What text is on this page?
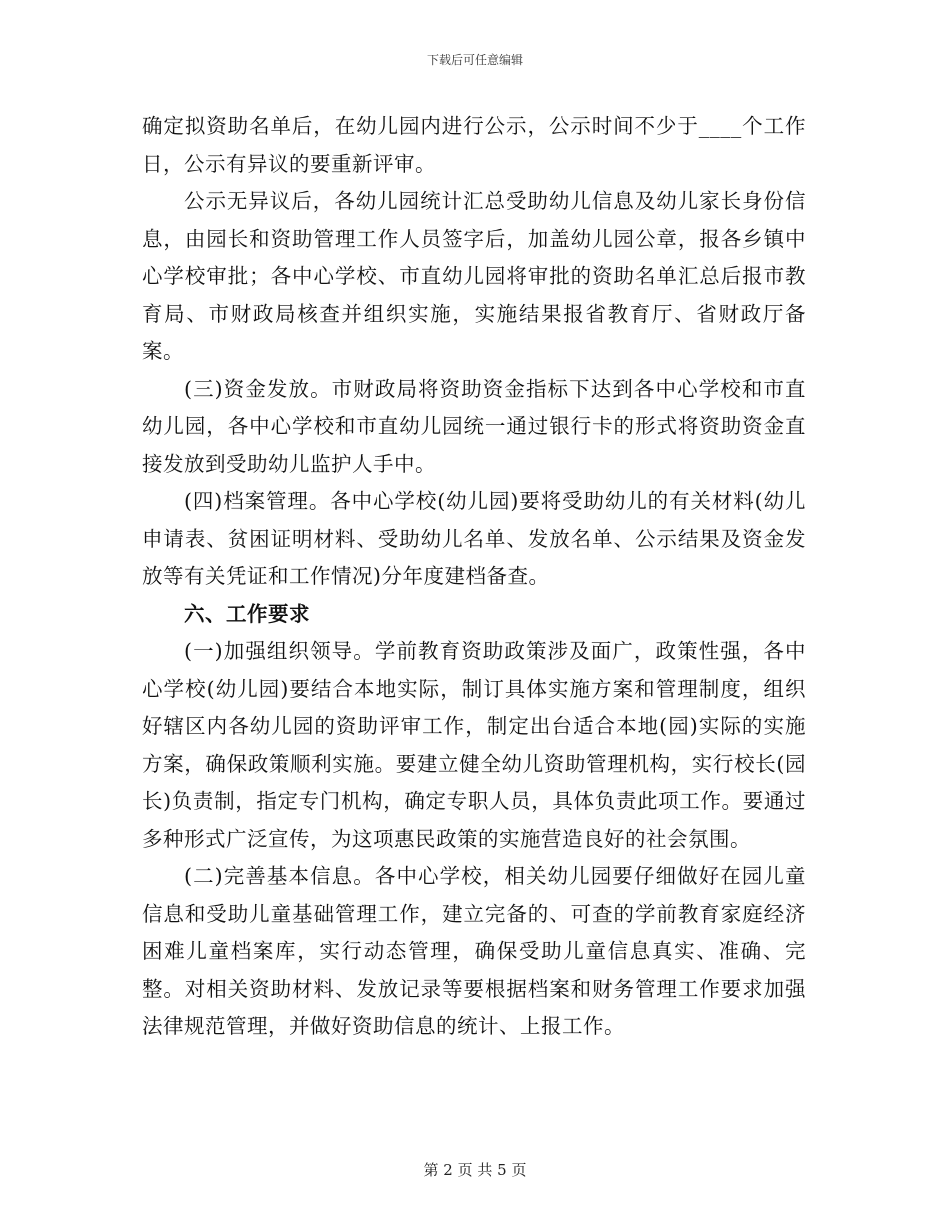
下载后可任意编辑

确定拟资助名单后，在幼儿园内进行公示，公示时间不少于____个工作日，公示有异议的要重新评审。

公示无异议后，各幼儿园统计汇总受助幼儿信息及幼儿家长身份信息，由园长和资助管理工作人员签字后，加盖幼儿园公章，报各乡镇中心学校审批；各中心学校、市直幼儿园将审批的资助名单汇总后报市教育局、市财政局核查并组织实施，实施结果报省教育厅、省财政厅备案。

(三)资金发放。市财政局将资助资金指标下达到各中心学校和市直幼儿园，各中心学校和市直幼儿园统一通过银行卡的形式将资助资金直接发放到受助幼儿监护人手中。

(四)档案管理。各中心学校(幼儿园)要将受助幼儿的有关材料(幼儿申请表、贫困证明材料、受助幼儿名单、发放名单、公示结果及资金发放等有关凭证和工作情况)分年度建档备查。

六、工作要求

(一)加强组织领导。学前教育资助政策涉及面广，政策性强，各中心学校(幼儿园)要结合本地实际，制订具体实施方案和管理制度，组织好辖区内各幼儿园的资助评审工作，制定出台适合本地(园)实际的实施方案，确保政策顺利实施。要建立健全幼儿资助管理机构，实行校长(园长)负责制，指定专门机构，确定专职人员，具体负责此项工作。要通过多种形式广泛宣传，为这项惠民政策的实施营造良好的社会氛围。

(二)完善基本信息。各中心学校，相关幼儿园要仔细做好在园儿童信息和受助儿童基础管理工作，建立完备的、可查的学前教育家庭经济困难儿童档案库，实行动态管理，确保受助儿童信息真实、准确、完整。对相关资助材料、发放记录等要根据档案和财务管理工作要求加强法律规范管理，并做好资助信息的统计、上报工作。

第 2 页 共 5 页
